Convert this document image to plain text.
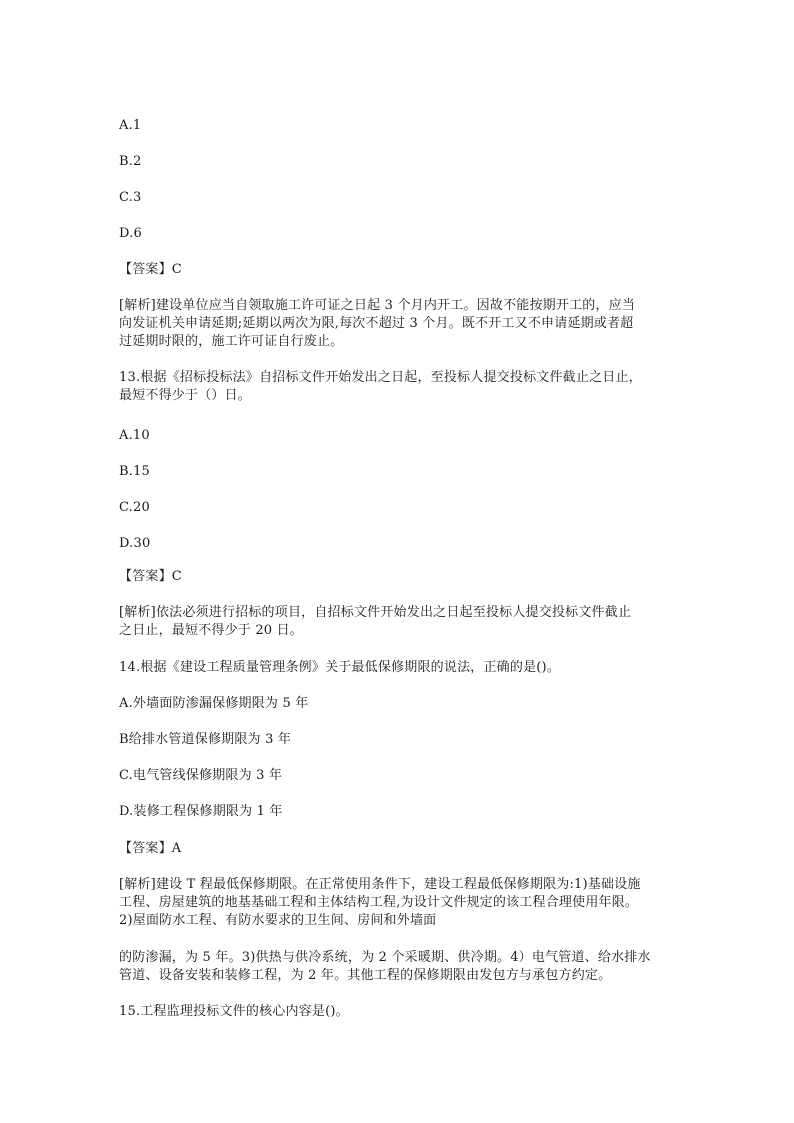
A.1
B.2
C.3
D.6
【答案】C
[解析]建设单位应当自领取施工许可证之日起 3 个月内开工。因故不能按期开工的，应当
向发证机关申请延期;延期以两次为限,每次不超过 3 个月。既不开工又不申请延期或者超
过延期时限的，施工许可证自行废止。
13.根据《招标投标法》自招标文件开始发出之日起，至投标人提交投标文件截止之日止，
最短不得少于（）日。
A.10
B.15
C.20
D.30
【答案】C
[解析]依法必须进行招标的项目，自招标文件开始发出之日起至投标人提交投标文件截止
之日止，最短不得少于 20 日。
14.根据《建设工程质量管理条例》关于最低保修期限的说法，正确的是()。
A.外墙面防渗漏保修期限为 5 年
B给排水管道保修期限为 3 年
C.电气管线保修期限为 3 年
D.装修工程保修期限为 1 年
【答案】A
[解析]建设 T 程最低保修期限。在正常使用条件下，建设工程最低保修期限为:1)基础设施
工程、房屋建筑的地基基础工程和主体结构工程,为设计文件规定的该工程合理使用年限。
2)屋面防水工程、有防水要求的卫生间、房间和外墙面
的防渗漏，为 5 年。3)供热与供冷系统，为 2 个采暖期、供冷期。4）电气管道、给水排水
管道、设备安装和装修工程，为 2 年。其他工程的保修期限由发包方与承包方约定。
15.工程监理投标文件的核心内容是()。
